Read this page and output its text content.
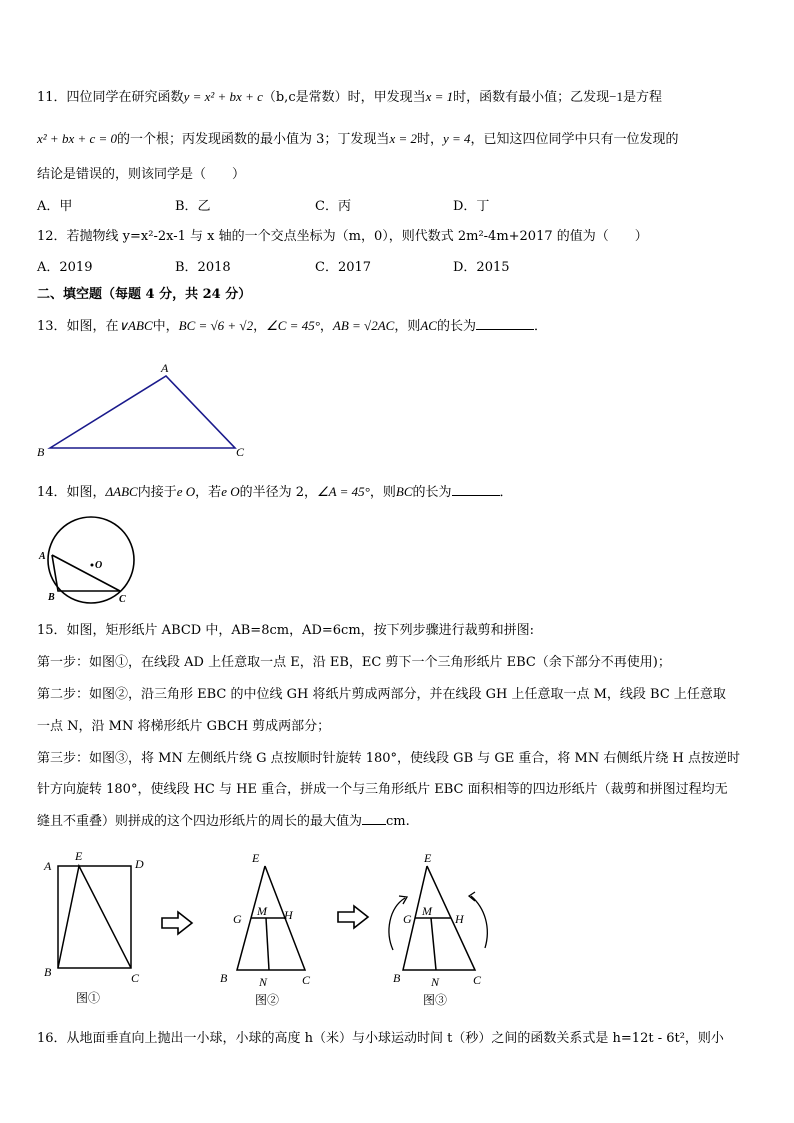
11．四位同学在研究函数y = x² + bx + c（b,c是常数）时，甲发现当x = 1时，函数有最小值；乙发现−1是方程
x² + bx + c = 0的一个根；丙发现函数的最小值为 3；丁发现当x = 2时，y = 4，已知这四位同学中只有一位发现的
结论是错误的，则该同学是（　　）
A．甲	B．乙	C．丙	D．丁
12．若抛物线 y=x²-2x-1 与 x 轴的一个交点坐标为（m，0），则代数式 2m²-4m+2017 的值为（　　）
A．2019	B．2018	C．2017	D．2015
二、填空题（每题 4 分，共 24 分）
13．如图，在∨ABC中，BC = √6 + √2，∠C = 45°，AB = √2AC，则AC的长为	．
A
B	C
14．如图，ΔABC内接于e O，若e O的半径为 2，∠A = 45°，则BC的长为	．
A
B	C
O
15．如图，矩形纸片 ABCD 中，AB=8cm，AD=6cm，按下列步骤进行裁剪和拼图:
第一步：如图①，在线段 AD 上任意取一点 E，沿 EB，EC 剪下一个三角形纸片 EBC（余下部分不再使用)；
第二步：如图②，沿三角形 EBC 的中位线 GH 将纸片剪成两部分，并在线段 GH 上任意取一点 M，线段 BC 上任意取
一点 N，沿 MN 将梯形纸片 GBCH 剪成两部分；
第三步：如图③，将 MN 左侧纸片绕 G 点按顺时针旋转 180°，使线段 GB 与 GE 重合，将 MN 右侧纸片绕 H 点按逆时
针方向旋转 180°，使线段 HC 与 HE 重合，拼成一个与三角形纸片 EBC 面积相等的四边形纸片（裁剪和拼图过程均无
缝且不重叠）则拼成的这个四边形纸片的周长的最大值为 cm.
A
E
D
B	C
图①
E
G
M H
B	N	C
图②
E
G
M
H
B	N	C
图③
16．从地面垂直向上抛出一小球，小球的高度 h（米）与小球运动时间 t（秒）之间的函数关系式是 h=12t - 6t²，则小
